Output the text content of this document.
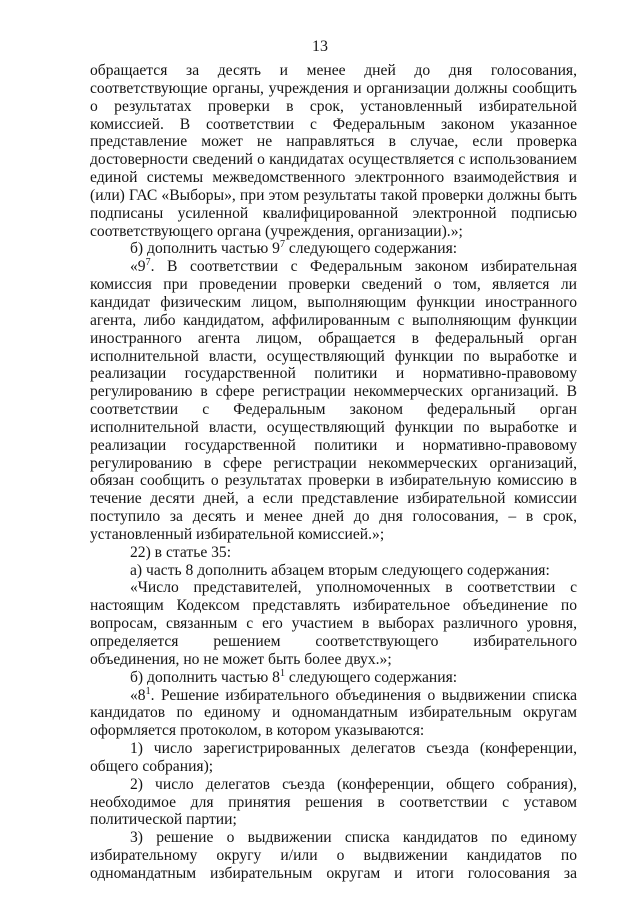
13

обращается за десять и менее дней до дня голосования, соответствующие органы, учреждения и организации должны сообщить о результатах проверки в срок, установленный избирательной комиссией. В соответствии с Федеральным законом указанное представление может не направляться в случае, если проверка достоверности сведений о кандидатах осуществляется с использованием единой системы межведомственного электронного взаимодействия и (или) ГАС «Выборы», при этом результаты такой проверки должны быть подписаны усиленной квалифицированной электронной подписью соответствующего органа (учреждения, организации).»;

б) дополнить частью $9^7$ следующего содержания:

«$9^7$. В соответствии с Федеральным законом избирательная комиссия при проведении проверки сведений о том, является ли кандидат физическим лицом, выполняющим функции иностранного агента, либо кандидатом, аффилированным с выполняющим функции иностранного агента лицом, обращается в федеральный орган исполнительной власти, осуществляющий функции по выработке и реализации государственной политики и нормативно-правовому регулированию в сфере регистрации некоммерческих организаций. В соответствии с Федеральным законом федеральный орган исполнительной власти, осуществляющий функции по выработке и реализации государственной политики и нормативно-правовому регулированию в сфере регистрации некоммерческих организаций, обязан сообщить о результатах проверки в избирательную комиссию в течение десяти дней, а если представление избирательной комиссии поступило за десять и менее дней до дня голосования, – в срок, установленный избирательной комиссией.»;

22) в статье 35:

а) часть 8 дополнить абзацем вторым следующего содержания:

«Число представителей, уполномоченных в соответствии с настоящим Кодексом представлять избирательное объединение по вопросам, связанным с его участием в выборах различного уровня, определяется решением соответствующего избирательного объединения, но не может быть более двух.»;

б) дополнить частью $8^1$ следующего содержания:

«$8^1$. Решение избирательного объединения о выдвижении списка кандидатов по единому и одномандатным избирательным округам оформляется протоколом, в котором указываются:

1) число зарегистрированных делегатов съезда (конференции, общего собрания);

2) число делегатов съезда (конференции, общего собрания), необходимое для принятия решения в соответствии с уставом политической партии;

3) решение о выдвижении списка кандидатов по единому избирательному округу и/или о выдвижении кандидатов по одномандатным избирательным округам и итоги голосования за
